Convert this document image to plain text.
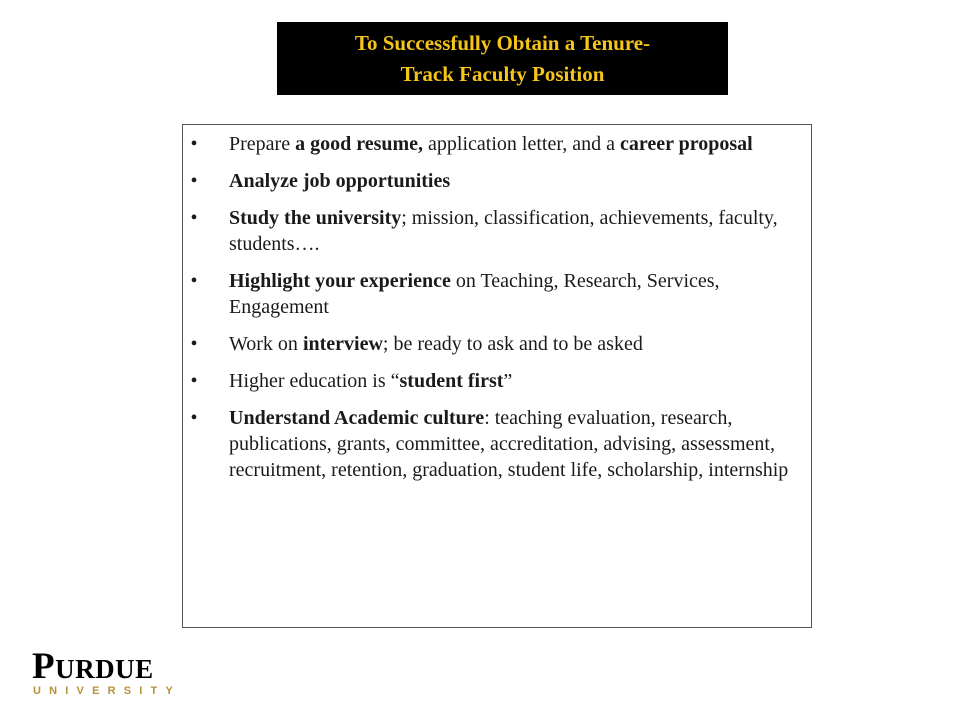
To Successfully Obtain a Tenure-
Track Faculty Position
• Prepare a good resume, application letter, and a career proposal
• Analyze job opportunities
• Study the university; mission, classification, achievements, faculty, students….
• Highlight your experience on Teaching, Research, Services, Engagement
• Work on interview; be ready to ask and to be asked
• Higher education is “student first”
• Understand Academic culture: teaching evaluation, research, publications, grants, committee, accreditation, advising, assessment, recruitment, retention, graduation, student life, scholarship, internship
PURDUE
UNIVERSITY
